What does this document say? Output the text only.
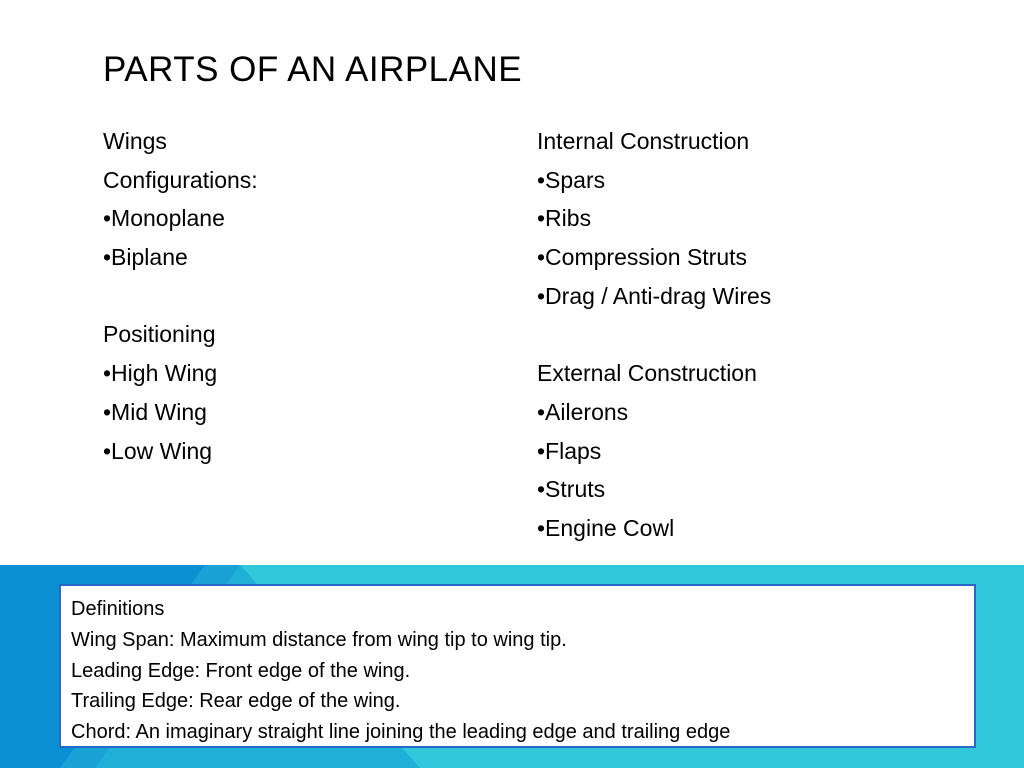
PARTS OF AN AIRPLANE
Wings
Configurations:
•Monoplane
•Biplane
Positioning
•High Wing
•Mid Wing
•Low Wing
Internal Construction
•Spars
•Ribs
•Compression Struts
•Drag / Anti-drag Wires
External Construction
•Ailerons
•Flaps
•Struts
•Engine Cowl
Definitions
Wing Span: Maximum distance from wing tip to wing tip.
Leading Edge: Front edge of the wing.
Trailing Edge: Rear edge of the wing.
Chord: An imaginary straight line joining the leading edge and trailing edge
